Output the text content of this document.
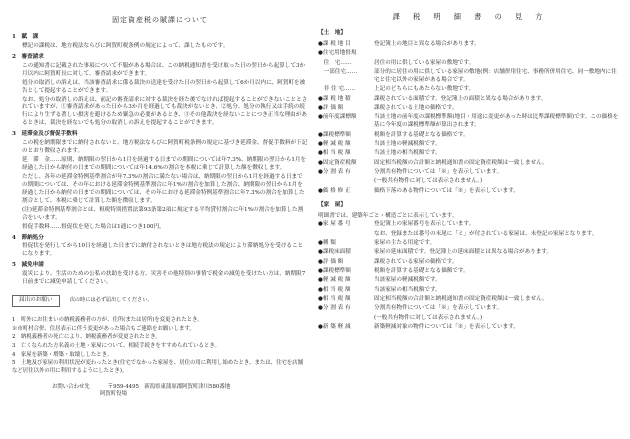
固定資産税の賦課について
1　賦　課
標記の課税は、地方税法ならびに阿賀町税条例の規定によって、課したものです。
2　審査請求
この通知書に記載された事項について不服がある場合は、この納税通知書を受け取った日の翌日から起算して3か月以内に阿賀町長に対して、審査請求ができます。
処分の取消しの訴えは、当該審査請求に係る裁決の送達を受けた日の翌日から起算して6か月以内に、阿賀町を被告として提起することができます。
なお、処分の取消しの訴えは、前記の審査請求に対する裁決を経た後でなければ提起することができないこととされていますが、①審査請求があった日から3か月を経過しても裁決がないとき、②処分、処分の執行又は手続の続行により生ずる著しい損害を避けるため緊急の必要があるとき、③その他裁決を経ないことにつき正当な理由があるときは、裁決を経ないでも処分の取消しの訴えを提起することができます。
3　延滞金及び督促手数料
この税を納期限までに納付されないと、地方税法ならびに阿賀町税条例の規定に基づき延滞金、督促手数料が下記のとおり徴収されます。
延　滞　金……原則、納期限の翌日から1月を経過する日までの期間については年7.3%、納期限の翌日から1月を経過した日から納付の日までの期間については年14.6%の割合を本税に乗じて計算した額を徴収します。
ただし、各年の延滞金特例基準割合が年7.3%の割合に満たない場合は、納期限の翌日から1月を経過する日までの期間については、その年における延滞金特例基準割合に年1%の割合を加算した割合、納期限の翌日から1月を経過した日から納付の日までの期間については、その年における延滞金特例基準割合に年7.3%の割合を加算した割合として、本税に乗じて計算した額を徴収します。
(注)延滞金特例基準割合とは、租税特別措置法第93条第2項に規定する平均貸付割合に年1%の割合を加算した割合をいいます。
督促手数料……督促状を発した場合は1通につき100円。
4　滞納処分
督促状を発行してから10日を経過した日までに納付されないときは地方税法の規定により滞納処分を受けることになります。
5　減免申請
震災により、生活のための公私の扶助を受ける方、災害その他特別の事情で税金の減免を受けたい方は、納期限7日前までに減免申請してください。
届出のお願い	次の時には必ず届出してください。
1　町外にお住まいの納税義務者の方が、住所(または居所)を変更されたとき。
※市町村合併、住居表示に伴う変更があった場合もご連絡をお願いします。
2　納税義務者の死亡により、納税義務者が変更されたとき。
3　亡くなられた方名義の土地・家屋について、相続手続きをすすめられているとき。
4　家屋を新築・増築・取壊ししたとき。
5　土地及び家屋の利用状況が変わったとき(住宅でなかった家屋を、居住の用に利用し始めたとき、または、住宅を店舗など居住以外の用に利用するようにしたとき)。
お問い合わせ先	〒959-4495　新潟県東蒲原郡阿賀町津川580番地
阿賀町役場
課　税　明　細　書　の　見　方
【土　地】
●課 税 地 目	登記簿上の地目と異なる場合があります。
●住宅用地督規
　住　宅……	居住の用に供している家屋の敷地です。
　一部住宅……	部分的に居住の用に供している家屋の敷地(例：店舗併用住宅、事務所併用住宅、同一敷地内に住宅と住宅以外の家屋がある場合です。
　非 住 宅……	上記のどちらにもあたらない敷地です。
●課 税 地 積	課税されている面積です。登記簿上の面積と異なる場合があります。
●評 価 額	課税されている土地の価格です。
●前年度課標額	当該土地の前年度の課税標準額(地目・用途に変更があった時は比準課税標準額)です。この価格を基に今年度の課税標準額が算出されます。
●課税標準額	税額を計算する基礎となる価格です。
●軽 減 税 額	当該土地の軽減税額です。
●相 当 税 額	当該土地の相当税額です。
●固定資産税額	固定相当税額の合計額と納税通知書の固定資産税額は一致しません。
●分 割 表 有	分割共有物件については「※」を表示しています。
(一般共有物件に対しては表示されません。)
●価 格 修 正	価格下落のある物件については「※」を表示しています。
【家　屋】
明細書では、建築年ごと・構造ごとに表示しています。
●家 屋 番 号	登記簿上の家屋番号を表示しています。
なお、登録または番号の末尾に「ミ」が付されている家屋は、未登記の家屋となります。
●種 類	家屋の主たる用途です。
●課税床面積	家屋の延床面積です。登記簿上の延床面積とは異なる場合があります。
●評 価 額	課税されている家屋の価格です。
●課税標準額	税額を計算する基礎となる価額です。
●軽 減 税 額	当該家屋の軽減税額です。
●相 当 税 額	当該家屋の相当税額です。
●相 当 税 額	固定相当税額の合計額と納税通知書の固定資産税額は一致しません。
●分 割 表 有	分割共有物件については「※」を表示しています。
(一般共有物件に対しては表示されません。)
●新 築 軽 減	新築軽減対象の物件については「※」を表示しています。
